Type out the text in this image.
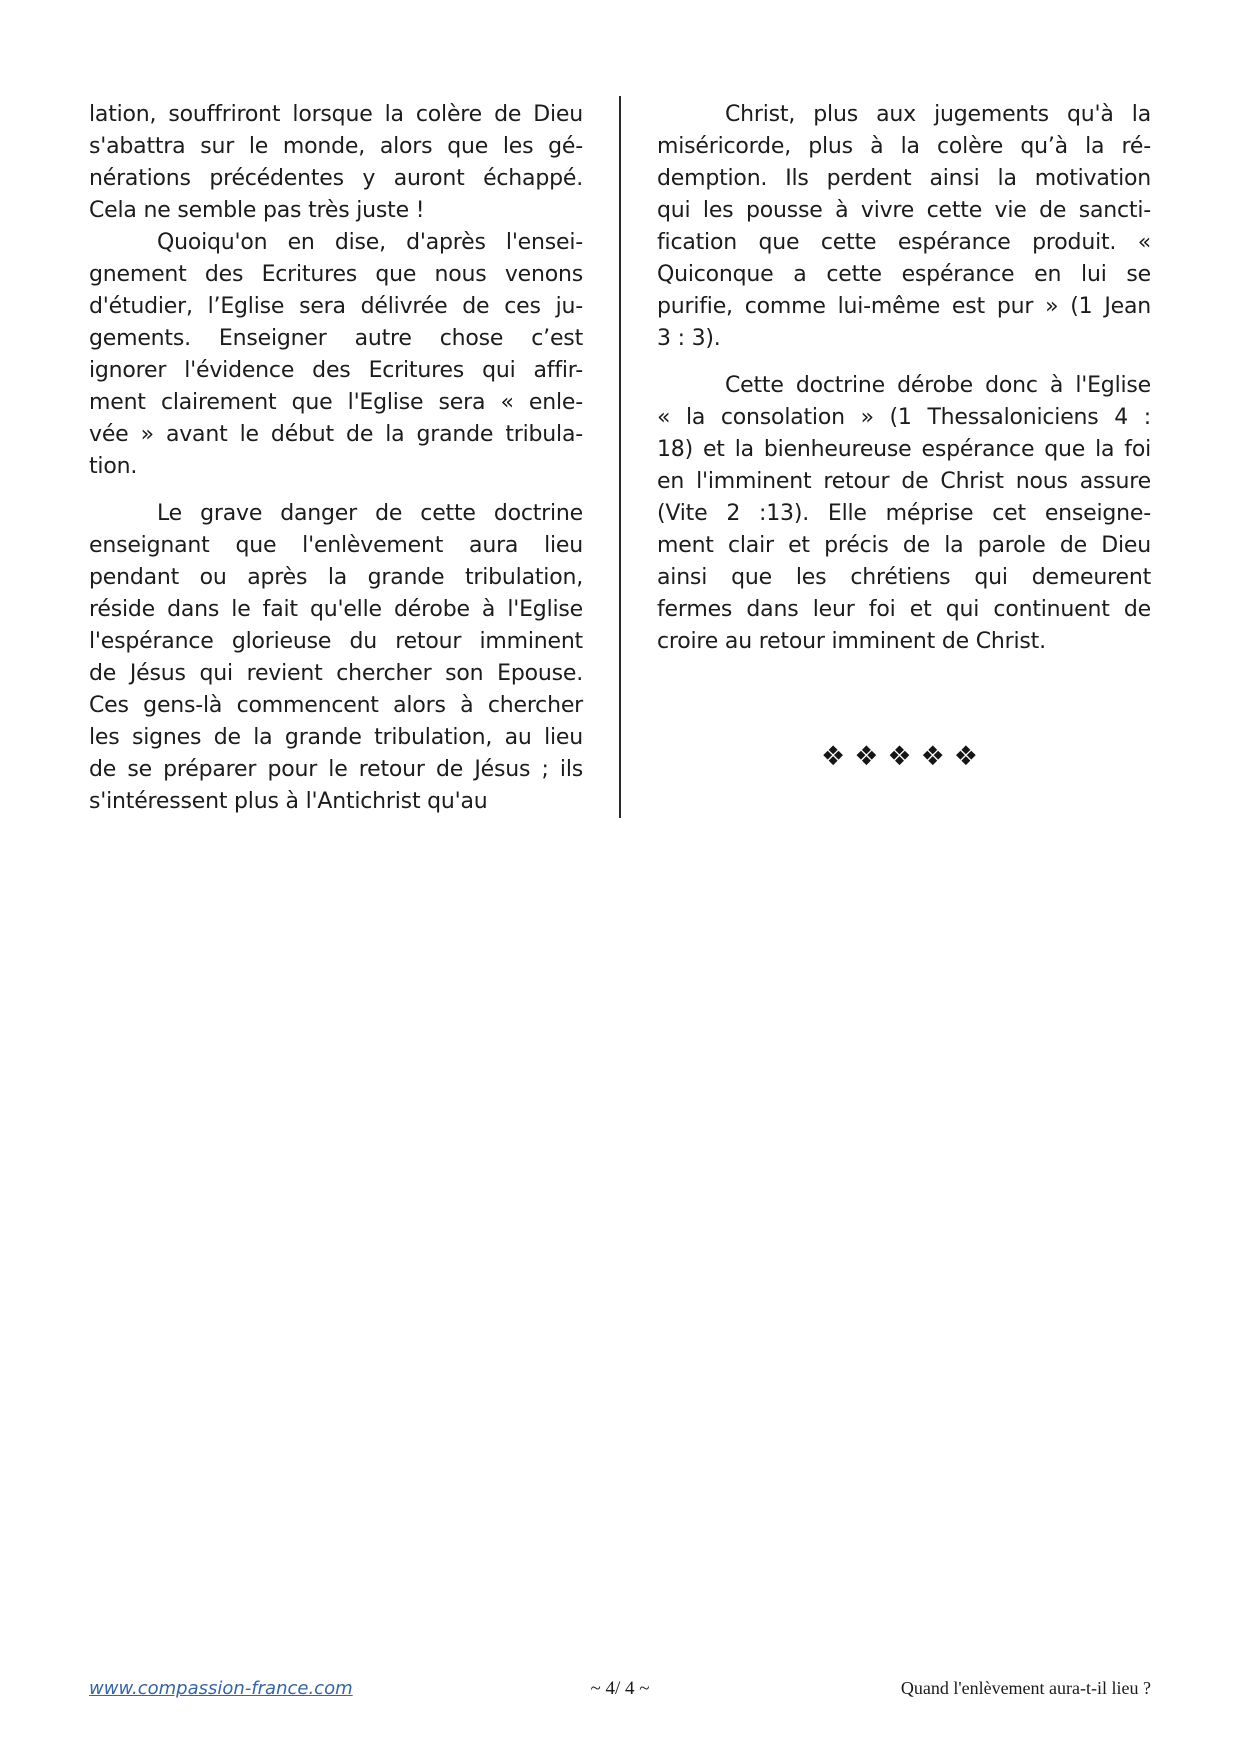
lation, souffriront lorsque la colère de Dieu
s'abattra sur le monde, alors que les gé-
nérations précédentes y auront échappé.
Cela ne semble pas très juste !
Quoiqu'on en dise, d'après l'ensei-
gnement des Ecritures que nous venons
d'étudier, l’Eglise sera délivrée de ces ju-
gements. Enseigner autre chose c’est
ignorer l'évidence des Ecritures qui affir-
ment clairement que l'Eglise sera « enle-
vée » avant le début de la grande tribula-
tion.
Le grave danger de cette doctrine
enseignant que l'enlèvement aura lieu
pendant ou après la grande tribulation,
réside dans le fait qu'elle dérobe à l'Eglise
l'espérance glorieuse du retour imminent
de Jésus qui revient chercher son Epouse.
Ces gens-là commencent alors à chercher
les signes de la grande tribulation, au lieu
de se préparer pour le retour de Jésus ; ils
s'intéressent plus à l'Antichrist qu'au
Christ, plus aux jugements qu'à la
miséricorde, plus à la colère qu’à la ré-
demption. Ils perdent ainsi la motivation
qui les pousse à vivre cette vie de sancti-
fication que cette espérance produit. «
Quiconque a cette espérance en lui se
purifie, comme lui-même est pur » (1 Jean
3 : 3).
Cette doctrine dérobe donc à l'Eglise
« la consolation » (1 Thessaloniciens 4 :
18) et la bienheureuse espérance que la foi
en l'imminent retour de Christ nous assure
(Vite 2 :13). Elle méprise cet enseigne-
ment clair et précis de la parole de Dieu
ainsi que les chrétiens qui demeurent
fermes dans leur foi et qui continuent de
croire au retour imminent de Christ.
❖❖❖❖❖
www.compassion-france.com	~ 4/ 4 ~	Quand l'enlèvement aura-t-il lieu ?
